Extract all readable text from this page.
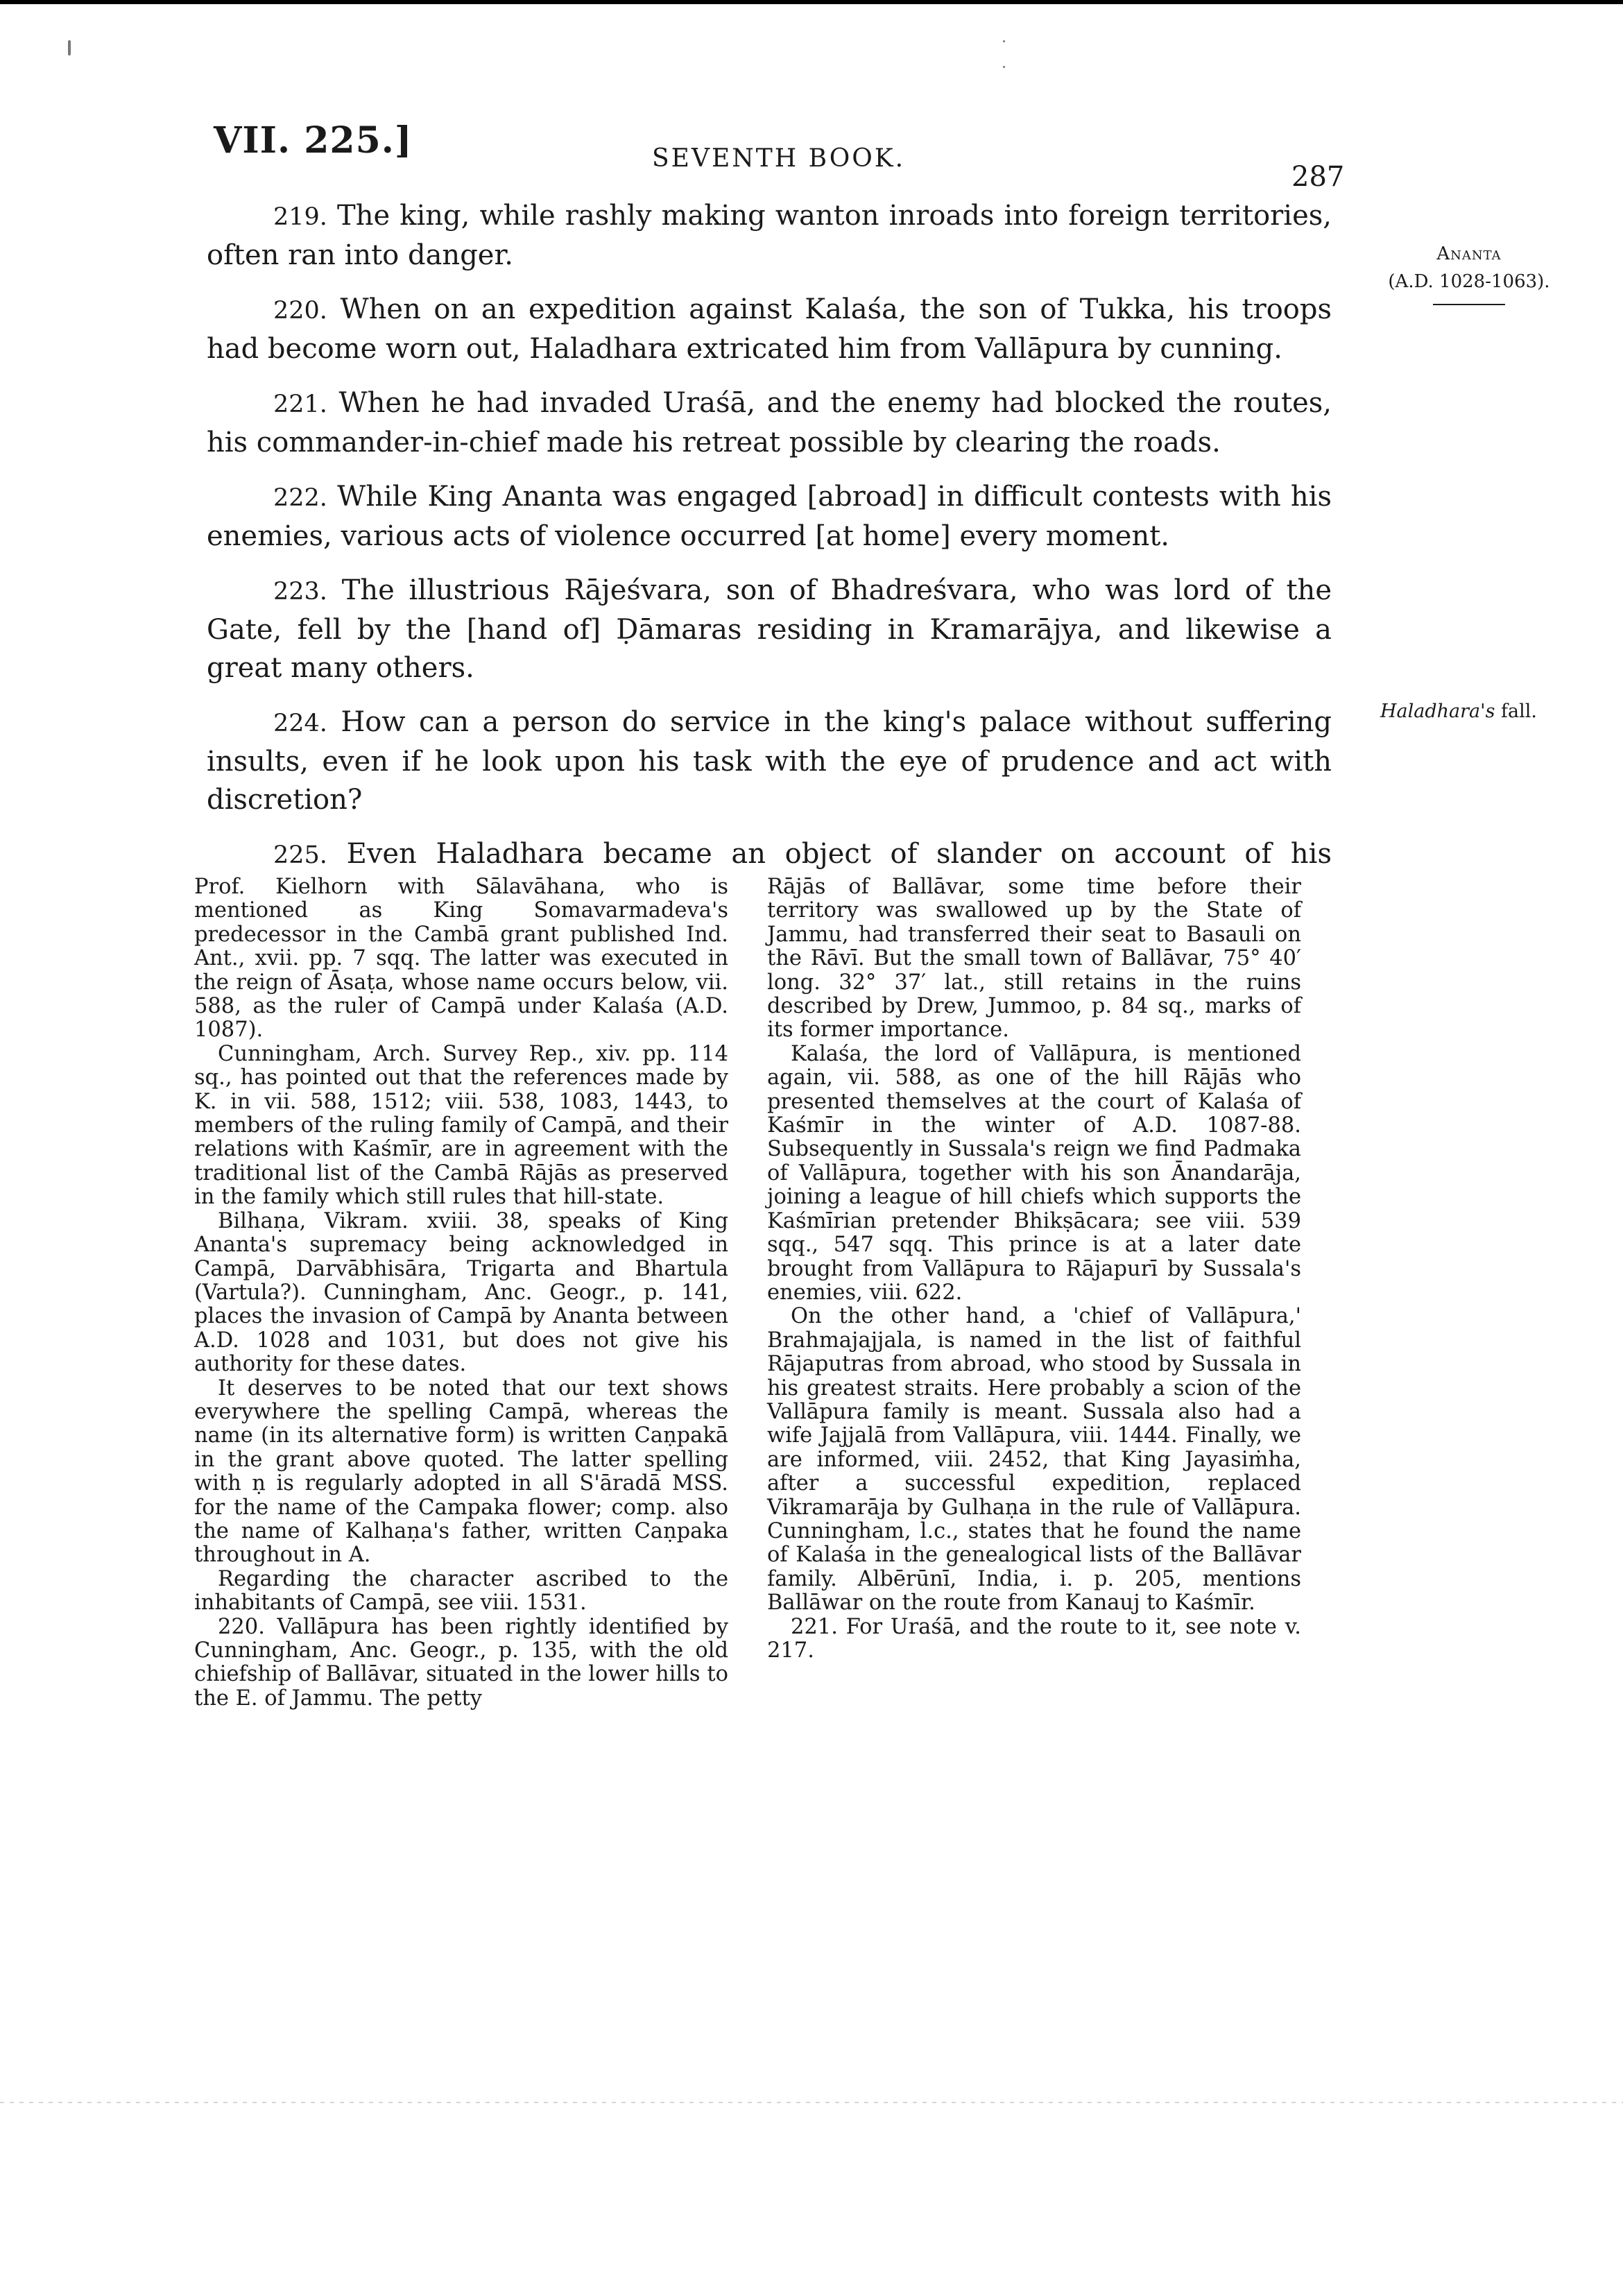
VII. 225.]	SEVENTH BOOK.
287
Ananta
(A.D. 1028-1063).
Haladhara's fall.

219. The king, while rashly making wanton inroads into foreign territories, often ran into danger.

220. When on an expedition against Kalaśa, the son of Tukka, his troops had become worn out, Haladhara extricated him from Vallāpura by cunning.

221. When he had invaded Uraśā, and the enemy had blocked the routes, his commander-in-chief made his retreat possible by clearing the roads.

222. While King Ananta was engaged [abroad] in difficult contests with his enemies, various acts of violence occurred [at home] every moment.

223. The illustrious Rājeśvara, son of Bhadreśvara, who was lord of the Gate, fell by the [hand of] Ḍāmaras residing in Kramarājya, and likewise a great many others.

224. How can a person do service in the king's palace without suffering insults, even if he look upon his task with the eye of prudence and act with discretion?

225. Even Haladhara became an object of slander on account of his

Prof. Kielhorn with Sālavāhana, who is mentioned as King Somavarmadeva's predecessor in the Cambā grant published Ind. Ant., xvii. pp. 7 sqq. The latter was executed in the reign of Āsaṭa, whose name occurs below, vii. 588, as the ruler of Campā under Kalaśa (A.D. 1087).

Cunningham, Arch. Survey Rep., xiv. pp. 114 sq., has pointed out that the references made by K. in vii. 588, 1512; viii. 538, 1083, 1443, to members of the ruling family of Campā, and their relations with Kaśmīr, are in agreement with the traditional list of the Cambā Rājās as preserved in the family which still rules that hill-state.

Bilhaṇa, Vikram. xviii. 38, speaks of King Ananta's supremacy being acknowledged in Campā, Darvābhisāra, Trigarta and Bhartula (Vartula?). Cunningham, Anc. Geogr., p. 141, places the invasion of Campā by Ananta between A.D. 1028 and 1031, but does not give his authority for these dates.

It deserves to be noted that our text shows everywhere the spelling Campā, whereas the name (in its alternative form) is written Caṇpakā in the grant above quoted. The latter spelling with ṇ is regularly adopted in all S'āradā MSS. for the name of the Campaka flower; comp. also the name of Kalhaṇa's father, written Caṇpaka throughout in A.

Regarding the character ascribed to the inhabitants of Campā, see viii. 1531.

220. Vallāpura has been rightly identified by Cunningham, Anc. Geogr., p. 135, with the old chiefship of Ballāvar, situated in the lower hills to the E. of Jammu. The petty

Rājās of Ballāvar, some time before their territory was swallowed up by the State of Jammu, had transferred their seat to Basauli on the Rāvī. But the small town of Ballāvar, 75° 40′ long. 32° 37′ lat., still retains in the ruins described by Drew, Jummoo, p. 84 sq., marks of its former importance.

Kalaśa, the lord of Vallāpura, is mentioned again, vii. 588, as one of the hill Rājās who presented themselves at the court of Kalaśa of Kaśmīr in the winter of A.D. 1087-88. Subsequently in Sussala's reign we find Padmaka of Vallāpura, together with his son Ānandarāja, joining a league of hill chiefs which supports the Kaśmīrian pretender Bhikṣācara; see viii. 539 sqq., 547 sqq. This prince is at a later date brought from Vallāpura to Rājapurī by Sussala's enemies, viii. 622.

On the other hand, a 'chief of Vallāpura,' Brahmajajjala, is named in the list of faithful Rājaputras from abroad, who stood by Sussala in his greatest straits. Here probably a scion of the Vallāpura family is meant. Sussala also had a wife Jajjalā from Vallāpura, viii. 1444. Finally, we are informed, viii. 2452, that King Jayasiṁha, after a successful expedition, replaced Vikramarāja by Gulhaṇa in the rule of Vallāpura. Cunningham, l.c., states that he found the name of Kalaśa in the genealogical lists of the Ballāvar family. Albērūnī, India, i. p. 205, mentions Ballāwar on the route from Kanauj to Kaśmīr.

221. For Uraśā, and the route to it, see note v. 217.
